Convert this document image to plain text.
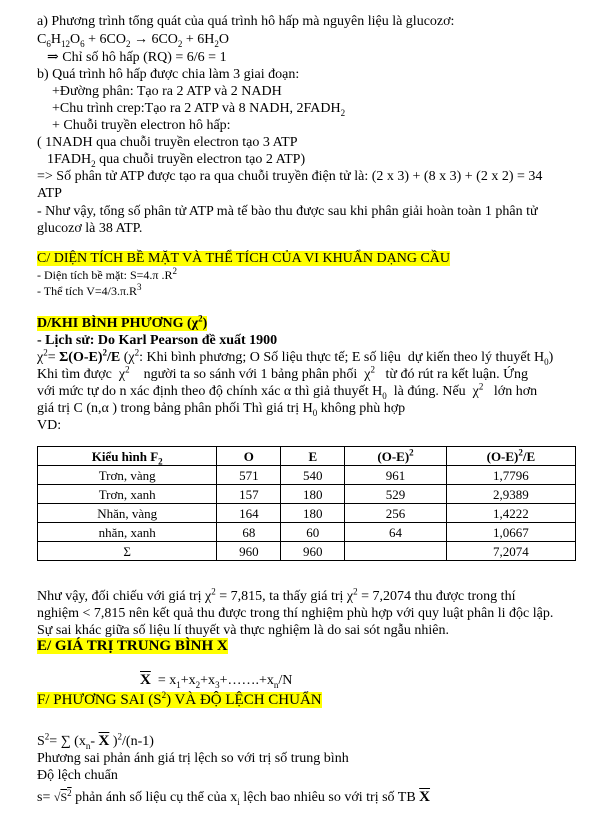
a) Phương trình tổng quát của quá trình hô hấp mà nguyên liệu là glucozơ:
$C_6H_{12}O_6 + 6CO_2 \to 6CO_2 + 6H_2O$
⇒ Chỉ số hô hấp (RQ) = 6/6 = 1
b) Quá trình hô hấp được chia làm 3 giai đoạn:
+Đường phân: Tạo ra 2 ATP và 2 NADH
+Chu trình crep:Tạo ra 2 ATP và 8 NADH, $2FADH_2$
+ Chuỗi truyền electron hô hấp:
( 1NADH qua chuỗi truyền electron tạo 3 ATP
$1FADH_2$ qua chuỗi truyền electron tạo 2 ATP)
=> Số phân tử ATP được tạo ra qua chuỗi truyền điện tử là: (2 x 3) + (8 x 3) + (2 x 2) = 34
ATP
- Như vậy, tổng số phân tử ATP mà tế bào thu được sau khi phân giải hoàn toàn 1 phân tử
glucozơ là 38 ATP.
C/ DIỆN TÍCH BỀ MẶT VÀ THỂ TÍCH CỦA VI KHUẨN DẠNG CẦU
- Diện tích bề mặt: S=4.π $.R^2$
- Thể tích $V=4/3.\pi.R^3$
D/KHI BÌNH PHƯƠNG $(\chi^2)$
- Lịch sử: Do Karl Pearson đề xuất 1900
$\chi^2= \Sigma(O-E)^2/E$ ($\chi^2$: Khi bình phương; O Số liệu thực tế; E số liệu  dự kiến theo lý thuyết $H_0$)
Khi tìm được  $\chi^2$    người ta so sánh với 1 bảng phân phối  $\chi^2$   từ đó rút ra kết luận. Ứng
với mức tự do n xác định theo độ chính xác α thì giả thuyết $H_0$  là đúng. Nếu  $\chi^2$   lớn hơn
giá trị C (n,α ) trong bảng phân phối Thì giá trị $H_0$ không phù hợp
VD:
Kiểu hình $F_2$	O	E	$(O-E)^2$	$(O-E)^2/E$
Trơn, vàng	571	540	961	1,7796
Trơn, xanh	157	180	529	2,9389
Nhăn, vàng	164	180	256	1,4222
nhăn, xanh	68	60	64	1,0667
Σ	960	960		7,2074
Như vậy, đối chiếu với giá trị $\chi^2 = 7,815$, ta thấy giá trị $\chi^2 = 7,2074$ thu được trong thí
nghiệm < 7,815 nên kết quả thu được trong thí nghiệm phù hợp với quy luật phân li độc lập.
Sự sai khác giữa số liệu lí thuyết và thực nghiệm là do sai sót ngẫu nhiên.
E/ GIÁ TRỊ TRUNG BÌNH X
$\overline{X}$  = $x_1+x_2+x_3+\dots\dots.+x_n/N$
F/ PHƯƠNG SAI $(S^2)$ VÀ ĐỘ LỆCH CHUẨN
$S^2=$ ∑ ($x_n-$ $\overline{X}$ )$^2$/(n-1)
Phương sai phản ánh giá trị lệch so với trị số trung bình
Độ lệch chuẩn
$s= √S^2$ phản ánh số liệu cụ thể của $x_i$ lệch bao nhiêu so với trị số TB $\overline{X}$
